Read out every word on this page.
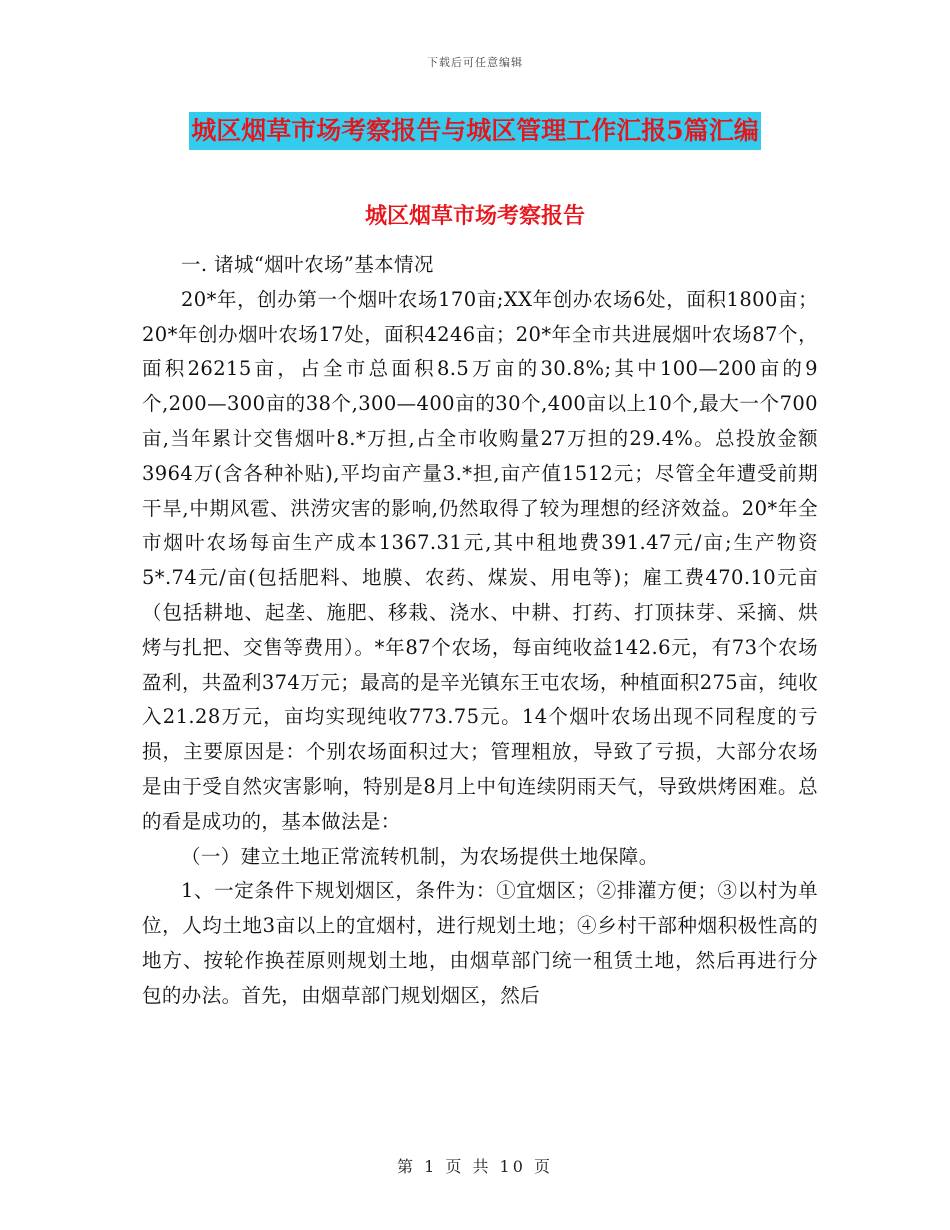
下载后可任意编辑
城区烟草市场考察报告与城区管理工作汇报5篇汇编
城区烟草市场考察报告

一. 诸城“烟叶农场”基本情况

20*年，创办第一个烟叶农场170亩;XX年创办农场6处，面积1800亩；20*年创办烟叶农场17处，面积4246亩；20*年全市共进展烟叶农场87个，面积26215亩，占全市总面积8.5万亩的30.8%;其中100—200亩的9个,200—300亩的38个,300—400亩的30个,400亩以上10个,最大一个700亩,当年累计交售烟叶8.*万担,占全市收购量27万担的29.4%。总投放金额3964万(含各种补贴),平均亩产量3.*担,亩产值1512元；尽管全年遭受前期干旱,中期风雹、洪涝灾害的影响,仍然取得了较为理想的经济效益。20*年全市烟叶农场每亩生产成本1367.31元,其中租地费391.47元/亩;生产物资5*.74元/亩(包括肥料、地膜、农药、煤炭、用电等)；雇工费470.10元亩（包括耕地、起垄、施肥、移栽、浇水、中耕、打药、打顶抹芽、采摘、烘烤与扎把、交售等费用）。*年87个农场，每亩纯收益142.6元，有73个农场盈利，共盈利374万元；最高的是辛光镇东王屯农场，种植面积275亩，纯收入21.28万元，亩均实现纯收773.75元。14个烟叶农场出现不同程度的亏损，主要原因是：个别农场面积过大；管理粗放，导致了亏损，大部分农场是由于受自然灾害影响，特别是8月上中旬连续阴雨天气，导致烘烤困难。总的看是成功的，基本做法是：

（一）建立土地正常流转机制，为农场提供土地保障。

1、一定条件下规划烟区，条件为：①宜烟区；②排灌方便；③以村为单位，人均土地3亩以上的宜烟村，进行规划土地；④乡村干部种烟积极性高的地方、按轮作换茬原则规划土地，由烟草部门统一租赁土地，然后再进行分包的办法。首先，由烟草部门规划烟区，然后

第 1 页 共 10 页
